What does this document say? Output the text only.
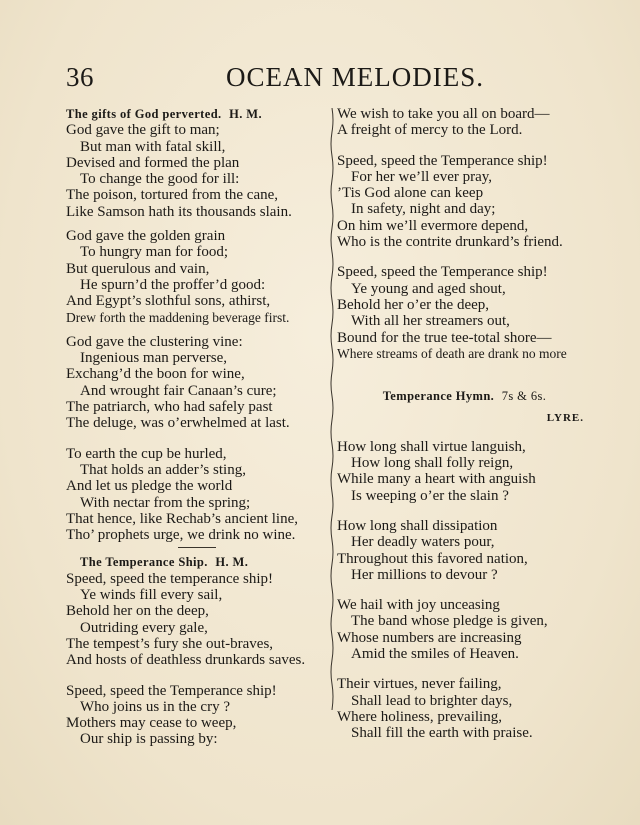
36	OCEAN MELODIES.
The gifts of God perverted. H. M.
God gave the gift to man;
But man with fatal skill,
Devised and formed the plan
To change the good for ill:
The poison, tortured from the cane,
Like Samson hath its thousands slain.
God gave the golden grain
To hungry man for food;
But querulous and vain,
He spurn’d the proffer’d good:
And Egypt’s slothful sons, athirst,
Drew forth the maddening beverage first.
God gave the clustering vine:
Ingenious man perverse,
Exchang’d the boon for wine,
And wrought fair Canaan’s cure;
The patriarch, who had safely past
The deluge, was o’erwhelmed at last.
To earth the cup be hurled,
That holds an adder’s sting,
And let us pledge the world
With nectar from the spring;
That hence, like Rechab’s ancient line,
Tho’ prophets urge, we drink no wine.
The Temperance Ship. H. M.
Speed, speed the temperance ship!
Ye winds fill every sail,
Behold her on the deep,
Outriding every gale,
The tempest’s fury she out-braves,
And hosts of deathless drunkards saves.
Speed, speed the Temperance ship!
Who joins us in the cry ?
Mothers may cease to weep,
Our ship is passing by:
We wish to take you all on board—
A freight of mercy to the Lord.
Speed, speed the Temperance ship!
For her we’ll ever pray,
’Tis God alone can keep
In safety, night and day;
On him we’ll evermore depend,
Who is the contrite drunkard’s friend.
Speed, speed the Temperance ship!
Ye young and aged shout,
Behold her o’er the deep,
With all her streamers out,
Bound for the true tee-total shore—
Where streams of death are drank no more
Temperance Hymn. 7s & 6s.
LYRE.
How long shall virtue languish,
How long shall folly reign,
While many a heart with anguish
Is weeping o’er the slain ?
How long shall dissipation
Her deadly waters pour,
Throughout this favored nation,
Her millions to devour ?
We hail with joy unceasing
The band whose pledge is given,
Whose numbers are increasing
Amid the smiles of Heaven.
Their virtues, never failing,
Shall lead to brighter days,
Where holiness, prevailing,
Shall fill the earth with praise.
